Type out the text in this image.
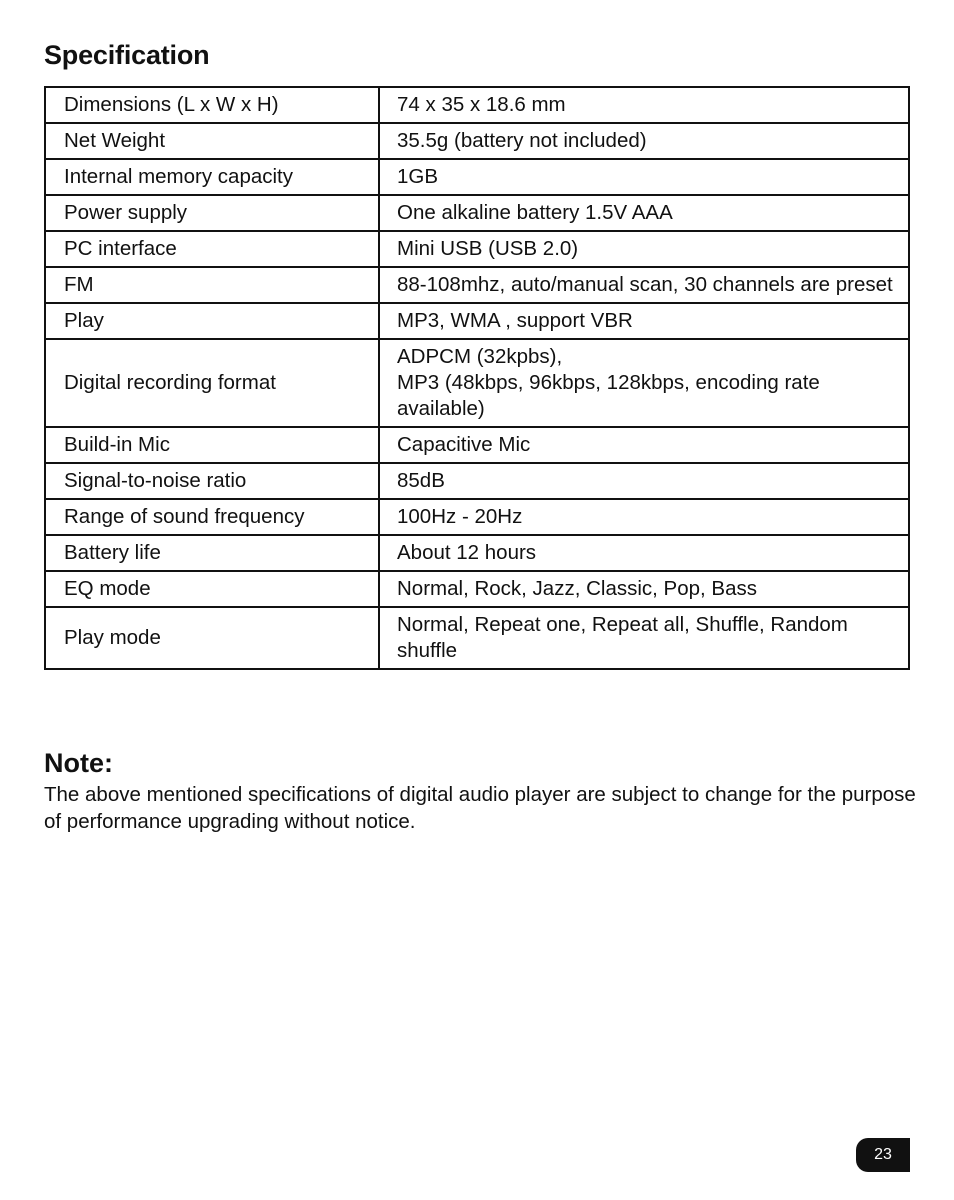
Specification
Dimensions (L x W x H)	74 x 35 x 18.6 mm

Net Weight	35.5g (battery not included)

Internal memory capacity	1GB

Power supply	One alkaline battery 1.5V AAA

PC interface	Mini USB (USB 2.0)

FM	88-108mhz, auto/manual scan, 30 channels are preset

Play	MP3, WMA , support VBR

Digital recording format	ADPCM (32kpbs),
MP3 (48kbps, 96kbps, 128kbps, encoding rate available)

Build-in Mic	Capacitive Mic

Signal-to-noise ratio	85dB

Range of sound frequency	100Hz - 20Hz

Battery life	About 12 hours

EQ mode	Normal, Rock, Jazz, Classic, Pop, Bass

Play mode	Normal, Repeat one, Repeat all, Shuffle, Random shuffle
Note:

The above mentioned specifications of digital audio player are subject to change for the purpose of performance upgrading without notice.

23
